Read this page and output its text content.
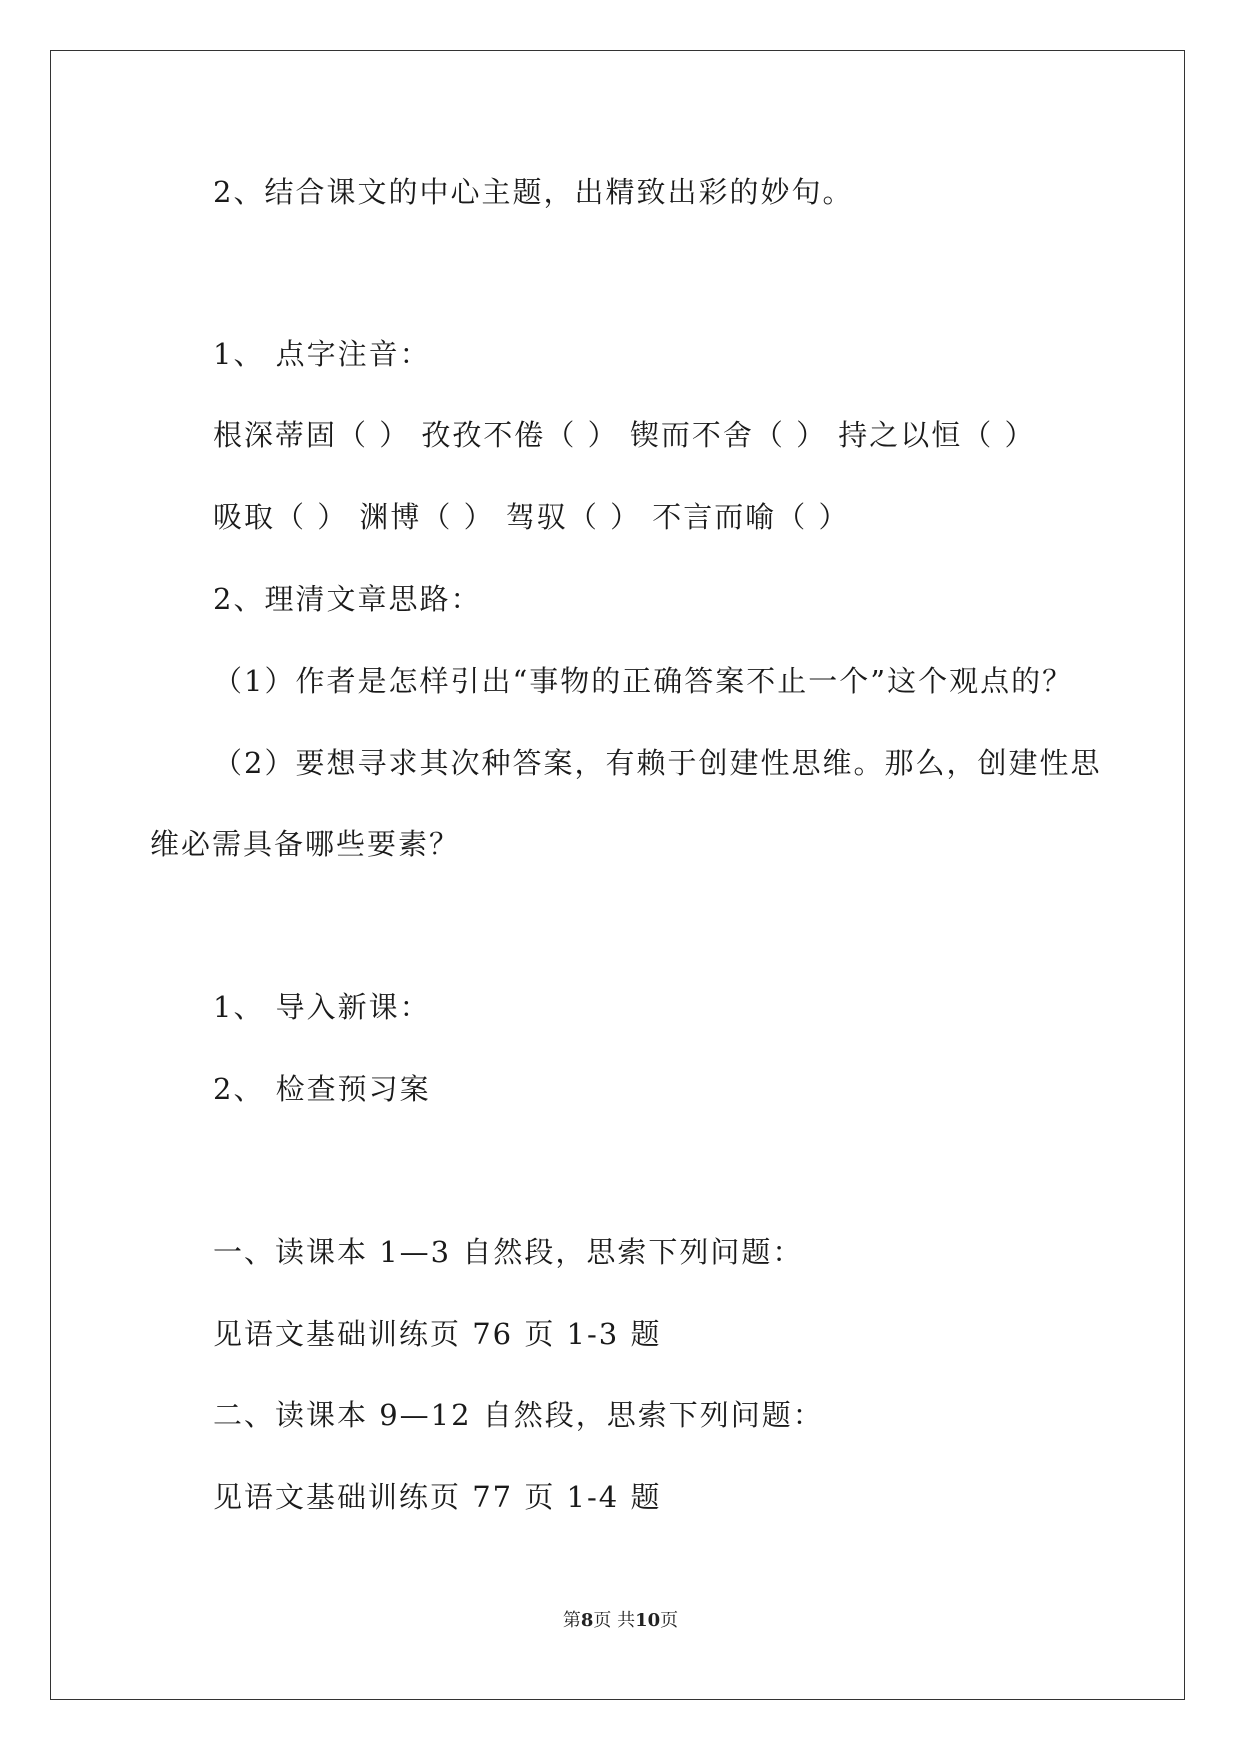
2、结合课文的中心主题，出精致出彩的妙句。
1、 点字注音：
根深蒂固（ ） 孜孜不倦（ ） 锲而不舍（ ） 持之以恒（ ）
吸取（ ） 渊博（ ） 驾驭（ ） 不言而喻（ ）
2、理清文章思路：
（1）作者是怎样引出“事物的正确答案不止一个”这个观点的？
（2）要想寻求其次种答案，有赖于创建性思维。那么，创建性思
维必需具备哪些要素？
1、 导入新课：
2、 检查预习案
一、读课本 1—3 自然段，思索下列问题：
见语文基础训练页 76 页 1-3 题
二、读课本 9—12 自然段，思索下列问题：
见语文基础训练页 77 页 1-4 题
第8页 共10页
